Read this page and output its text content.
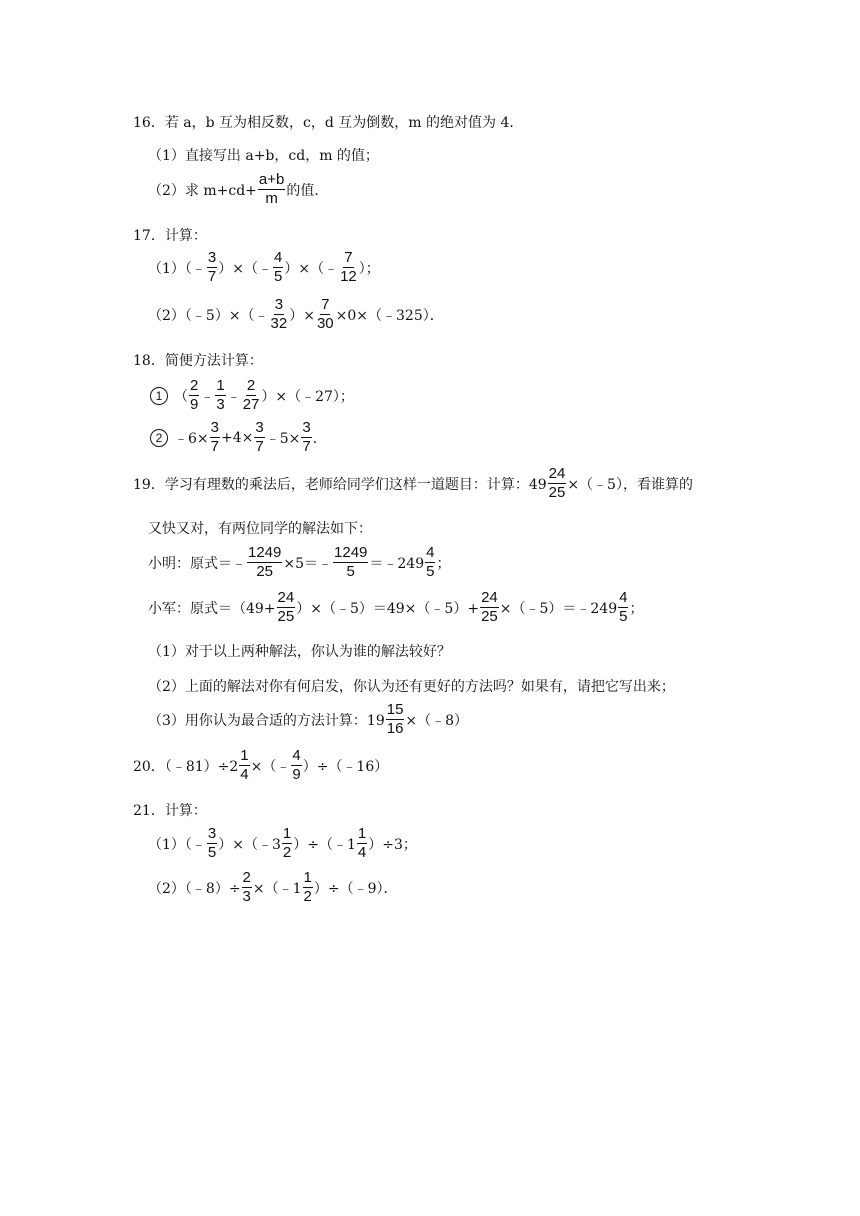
16．若 a，b 互为相反数，c，d 互为倒数，m 的绝对值为 4．
（1）直接写出 a+b，cd，m 的值；
（2）求 $m+cd+ \frac{a+b}{m}$ 的值．
17．计算：
（1）（﹣ $\frac{3}{7}$ ）×（﹣ $\frac{4}{5}$ ）×（﹣ $\frac{7}{12}$ ）；
（2）（﹣5）×（﹣ $\frac{3}{32}$ ）× $\frac{7}{30}$ ×0×（﹣325）．
18．简便方法计算：
1 （ $\frac{2}{9}$ ﹣ $\frac{1}{3}$ ﹣ $\frac{2}{27}$ ）×（﹣27）；
2 ﹣6× $\frac{3}{7} +4\times \frac{3}{7}$ ﹣5× $\frac{3}{7}$ ．
19．学习有理数的乘法后，老师给同学们这样一道题目：计算：$49 \frac{24}{25}$ ×（﹣5），看谁算的
又快又对，有两位同学的解法如下：
小明：原式＝﹣ $\frac{1249}{25}$ ×5＝﹣ $\frac{1249}{5}$ ＝﹣249 $\frac{4}{5}$ ；
小军：原式$=(49+ \frac{24}{25}$ ）×（﹣5）＝49×（﹣5）+ $\frac{24}{25}$ ×（﹣5）＝﹣249 $\frac{4}{5}$ ；
（1）对于以上两种解法，你认为谁的解法较好？
（2）上面的解法对你有何启发，你认为还有更好的方法吗？如果有，请把它写出来；
（3）用你认为最合适的方法计算：$19 \frac{15}{16}$ ×（﹣8）
20．（﹣81）÷2 $\frac{1}{4}$ ×（﹣ $\frac{4}{9}$ ）÷（﹣16）
21．计算：
（1）（﹣ $\frac{3}{5}$ ）×（﹣3 $\frac{1}{2}$ ）÷（﹣1 $\frac{1}{4} )\div 3$；
（2）（﹣8）÷ $\frac{2}{3}$ ×（﹣1 $\frac{1}{2}$ ）÷（﹣9）．
